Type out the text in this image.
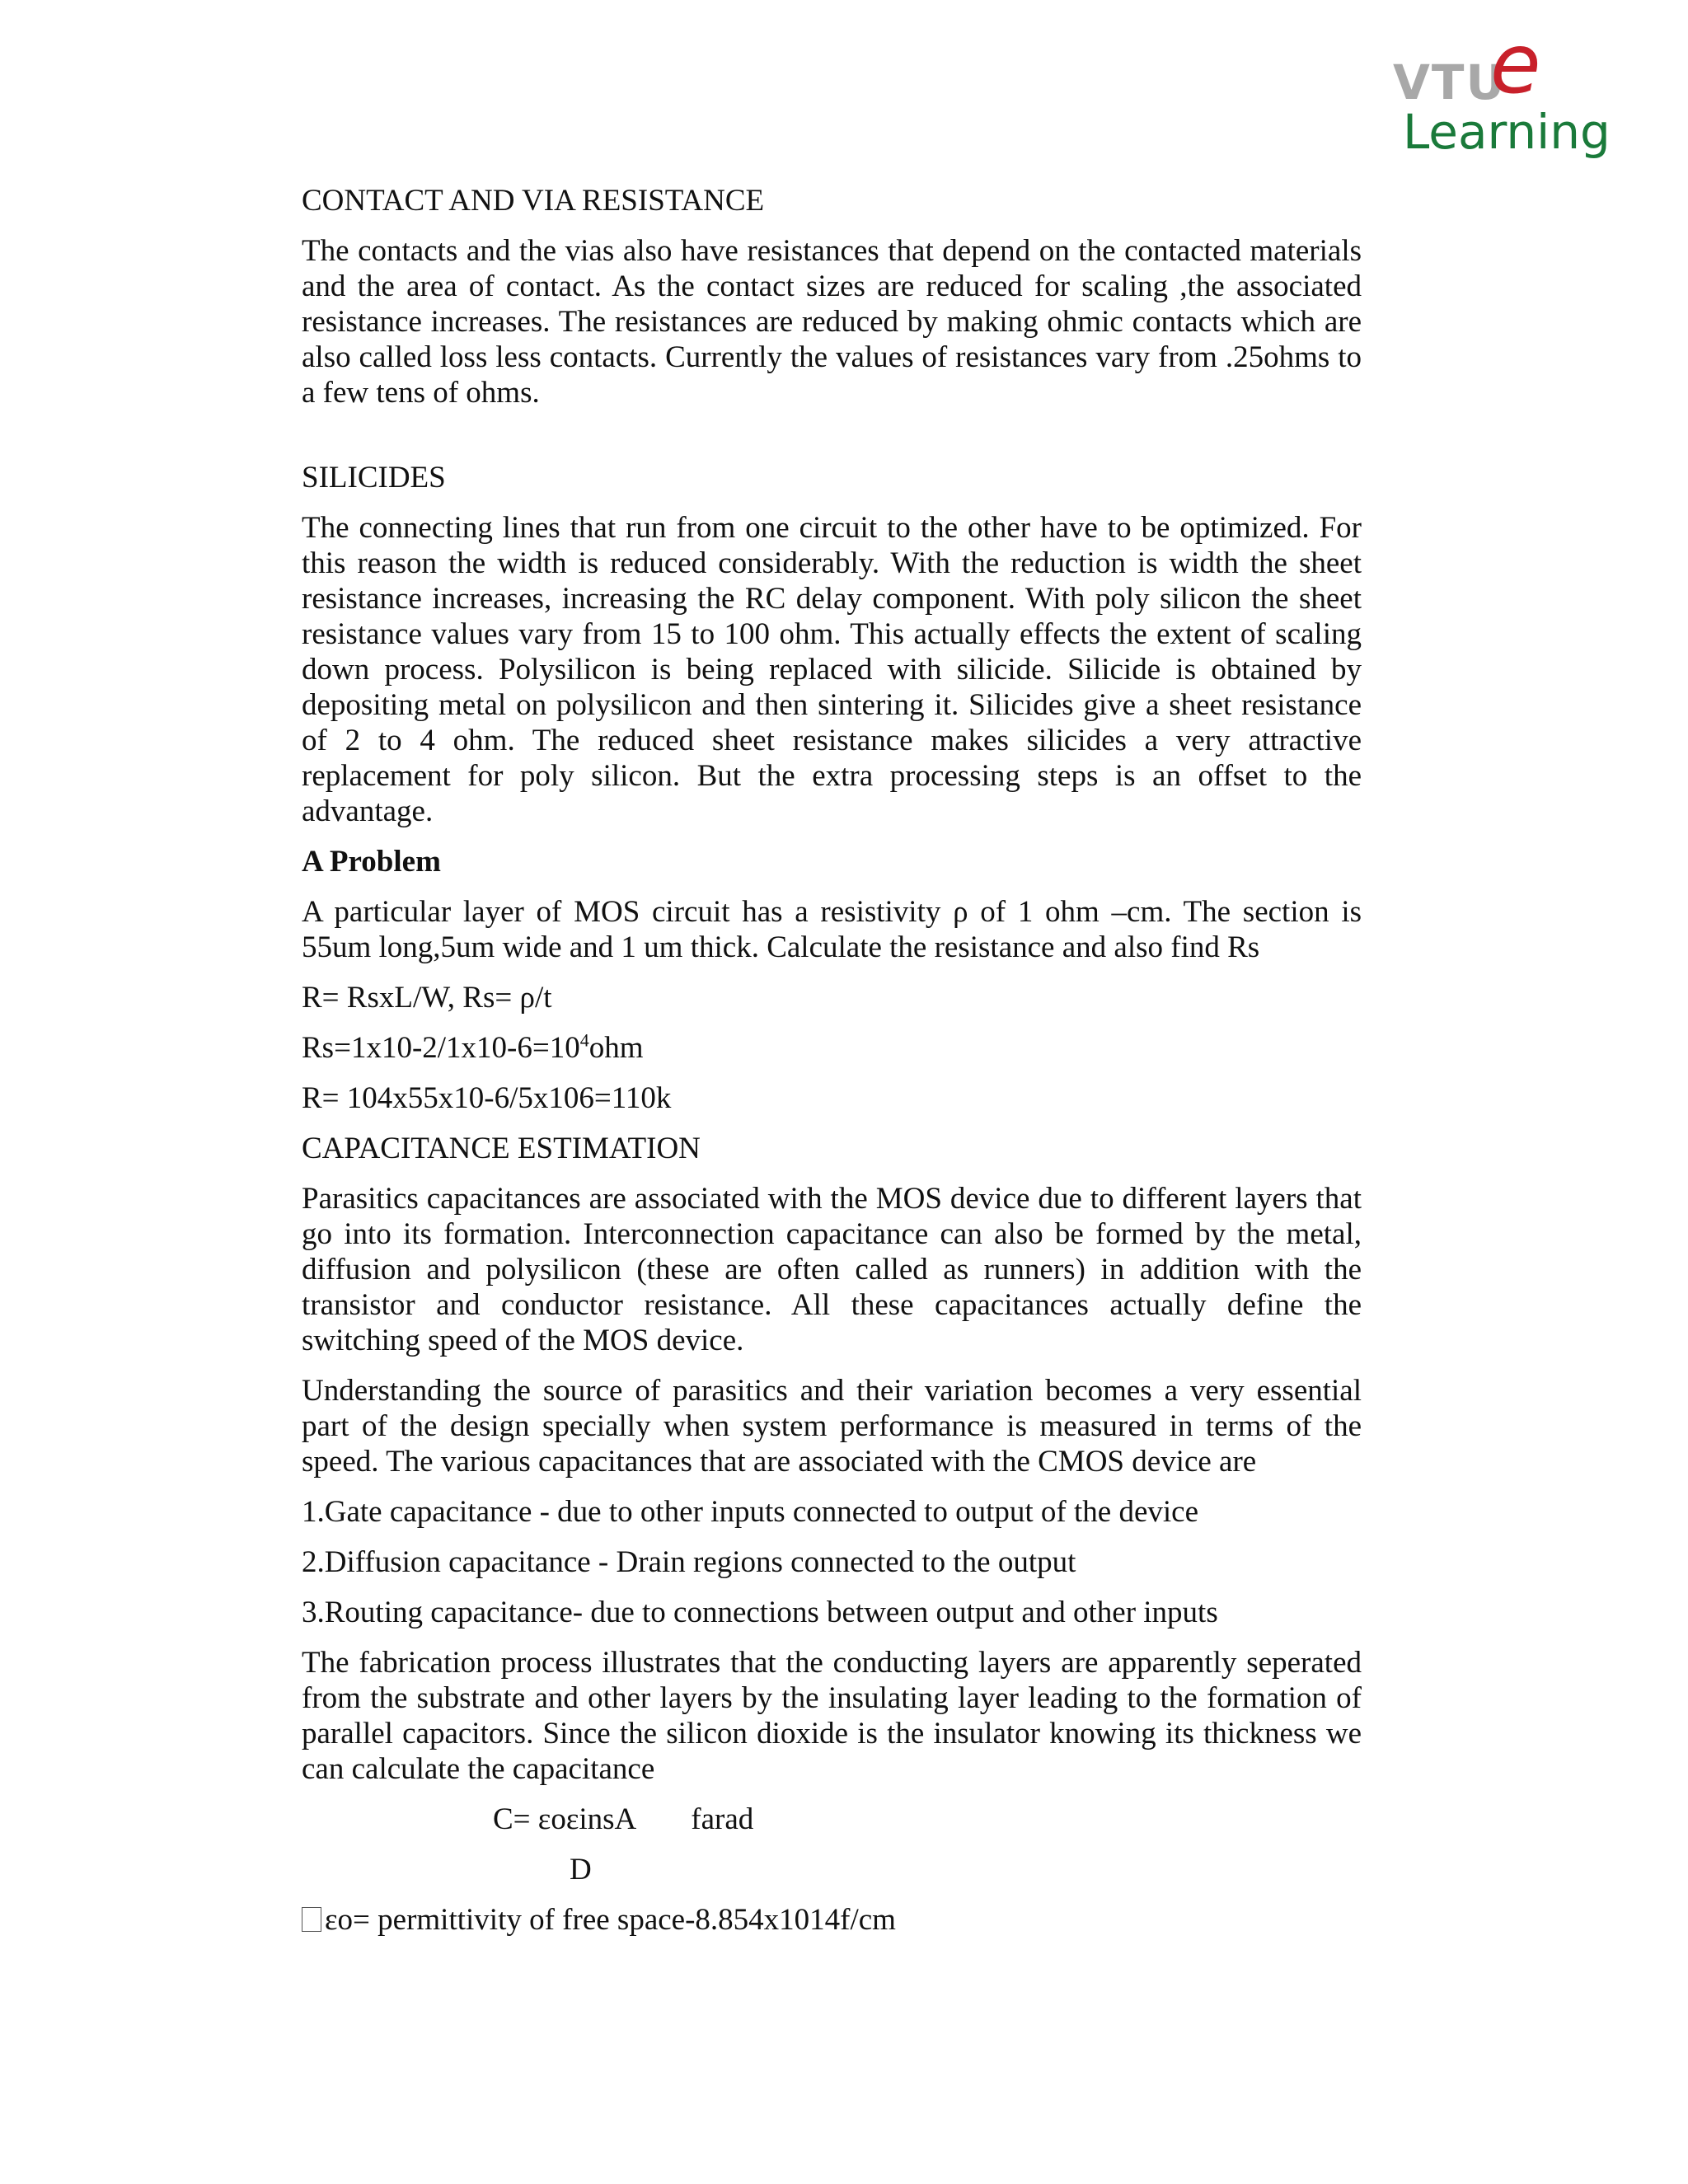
VTU
e
Learning
CONTACT AND VIA RESISTANCE

The contacts and the vias also have resistances that depend on the contacted materials and the area of contact. As the contact sizes are reduced for scaling ,the associated resistance increases. The resistances are reduced by making ohmic contacts which are also called loss less contacts. Currently the values of resistances vary from .25ohms to a few tens of ohms.

SILICIDES

The connecting lines that run from one circuit to the other have to be optimized. For this reason the width is reduced considerably. With the reduction is width the sheet resistance increases, increasing the RC delay component. With poly silicon the sheet resistance values vary from 15 to 100 ohm. This actually effects the extent of scaling down process. Polysilicon is being replaced with silicide. Silicide is obtained by depositing metal on polysilicon and then sintering it. Silicides give a sheet resistance of 2 to 4 ohm. The reduced sheet resistance makes silicides a very attractive replacement for poly silicon. But the extra processing steps is an offset to the advantage.

A Problem

A particular layer of MOS circuit has a resistivity ρ of 1 ohm –cm. The section is 55um long,5um wide and 1 um thick. Calculate the resistance and also find Rs

R= RsxL/W, Rs= ρ/t

$Rs=1x10-2/1x10-6=10^4ohm$

R= 104x55x10-6/5x106=110k

CAPACITANCE ESTIMATION

Parasitics capacitances are associated with the MOS device due to different layers that go into its formation. Interconnection capacitance can also be formed by the metal, diffusion and polysilicon (these are often called as runners) in addition with the transistor and conductor resistance. All these capacitances actually define the switching speed of the MOS device.

Understanding the source of parasitics and their variation becomes a very essential part of the design specially when system performance is measured in terms of the speed. The various capacitances that are associated with the CMOS device are

1.Gate capacitance - due to other inputs connected to output of the device

2.Diffusion capacitance - Drain regions connected to the output

3.Routing capacitance- due to connections between output and other inputs

The fabrication process illustrates that the conducting layers are apparently seperated from the substrate and other layers by the insulating layer leading to the formation of parallel capacitors. Since the silicon dioxide is the insulator knowing its thickness we can calculate the capacitance

C= εoεinsA farad
D

εo= permittivity of free space-8.854x1014f/cm
